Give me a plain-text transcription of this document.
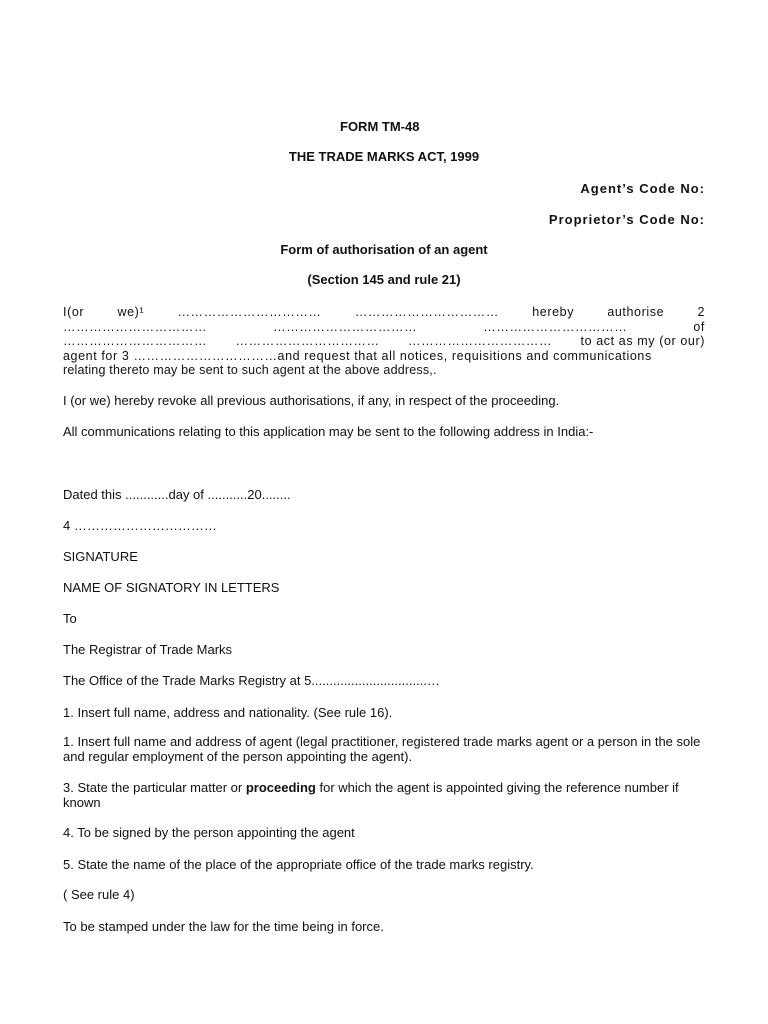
FORM TM-48
THE TRADE MARKS ACT, 1999
Agent’s Code No:
Proprietor’s Code No:
Form of authorisation of an agent
(Section 145 and rule 21)
I(or	we)¹	……………………………	……………………………	hereby	authorise	2
……………………………	……………………………	……………………………	of
…………………………… …………………………… …………………………… to act as my (or our)
agent for 3 ……………………………and request that all notices, requisitions and communications
relating thereto may be sent to such agent at the above address,.
I (or we) hereby revoke all previous authorisations, if any, in respect of the proceeding.
All communications relating to this application may be sent to the following address in India:-
Dated this ............day of ...........20........
4 ……………………………
SIGNATURE
NAME OF SIGNATORY IN LETTERS
To
The Registrar of Trade Marks
The Office of the Trade Marks Registry at 5................................…
1. Insert full name, address and nationality. (See rule 16).
1. Insert full name and address of agent (legal practitioner, registered trade marks agent or a person in the sole and regular employment of the person appointing the agent).
3. State the particular matter or proceeding for which the agent is appointed giving the reference number if known
4. To be signed by the person appointing the agent
5. State the name of the place of the appropriate office of the trade marks registry.
( See rule 4)
To be stamped under the law for the time being in force.
